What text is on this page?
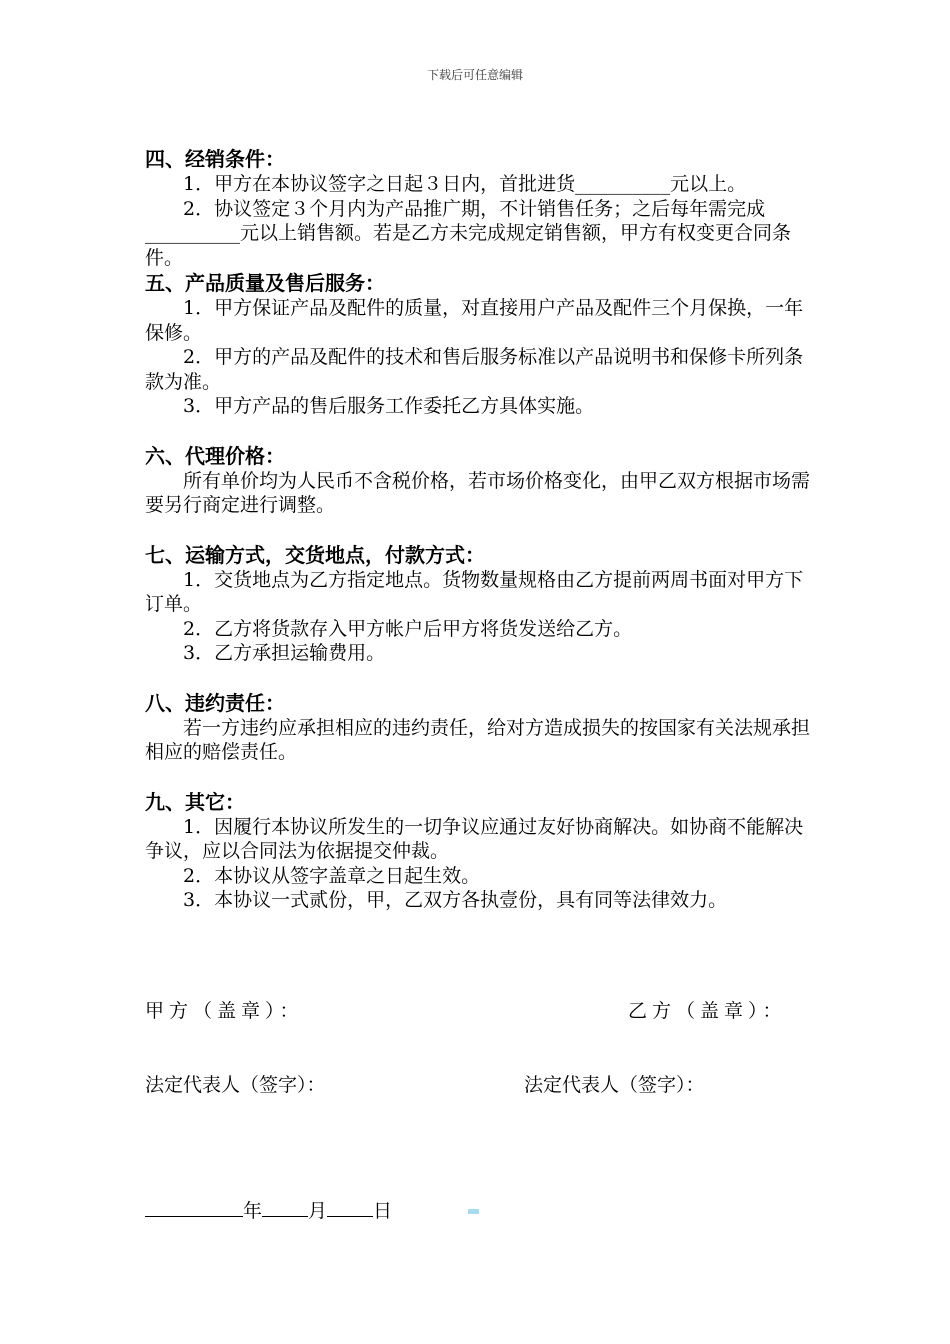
下载后可任意编辑

四、经销条件：

1．甲方在本协议签字之日起３日内，首批进货__________元以上。

2．协议签定３个月内为产品推广期，不计销售任务；之后每年需完成__________元以上销售额。若是乙方未完成规定销售额，甲方有权变更合同条件。

五、产品质量及售后服务：

1．甲方保证产品及配件的质量，对直接用户产品及配件三个月保换，一年保修。

2．甲方的产品及配件的技术和售后服务标准以产品说明书和保修卡所列条款为准。

3．甲方产品的售后服务工作委托乙方具体实施。

六、代理价格：

所有单价均为人民币不含税价格，若市场价格变化，由甲乙双方根据市场需要另行商定进行调整。

七、运输方式，交货地点，付款方式：

1．交货地点为乙方指定地点。货物数量规格由乙方提前两周书面对甲方下订单。

2．乙方将货款存入甲方帐户后甲方将货发送给乙方。

3．乙方承担运输费用。

八、违约责任：

若一方违约应承担相应的违约责任，给对方造成损失的按国家有关法规承担相应的赔偿责任。

九、其它：

1．因履行本协议所发生的一切争议应通过友好协商解决。如协商不能解决争议，应以合同法为依据提交仲裁。

2．本协议从签字盖章之日起生效。

3．本协议一式贰份，甲，乙双方各执壹份，具有同等法律效力。

甲方（盖章）：	乙方（盖章）：
法定代表人（签字）：	法定代表人（签字）：
年 月 日
